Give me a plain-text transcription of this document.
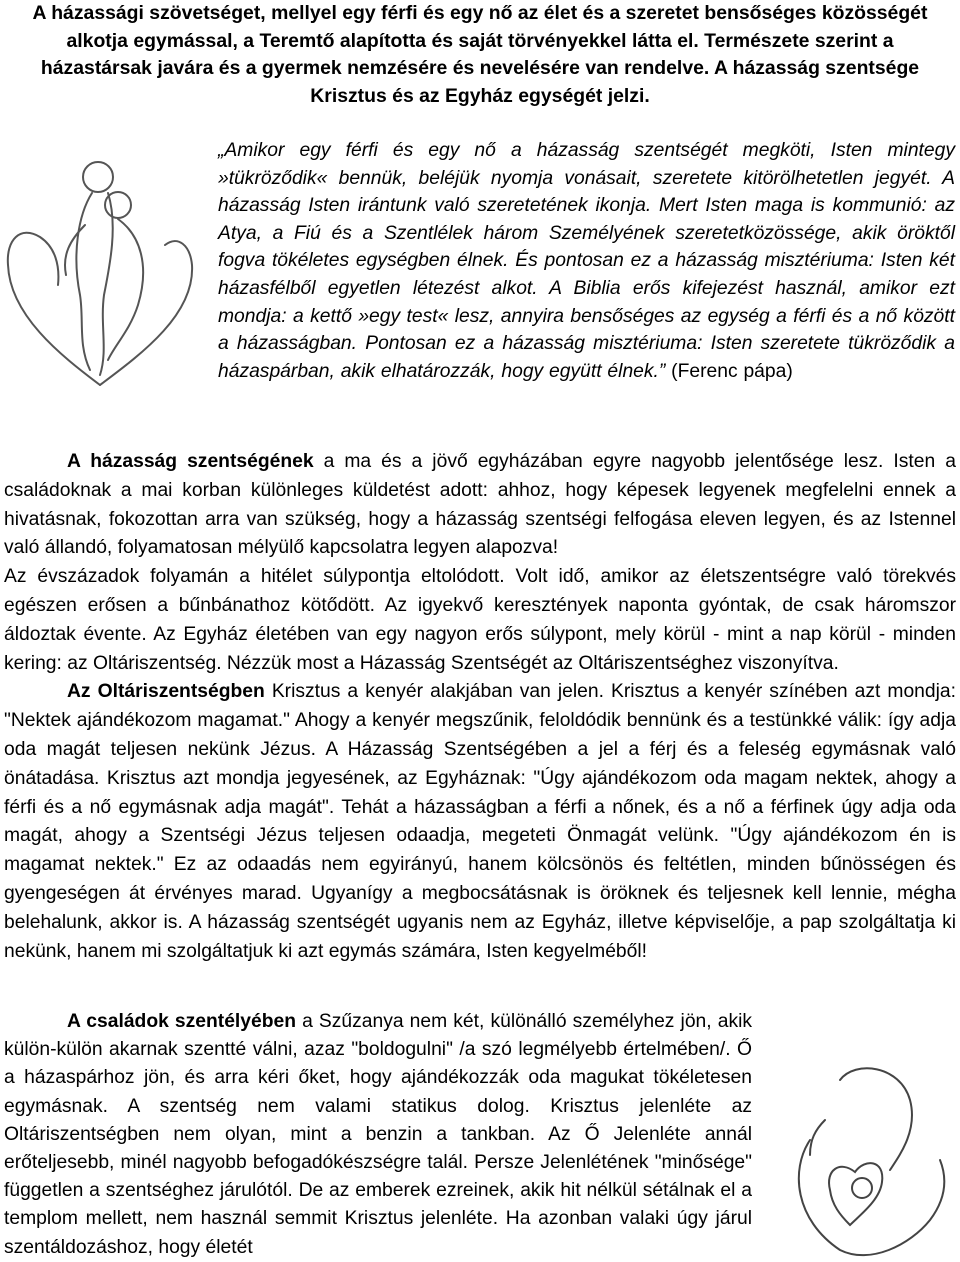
A házassági szövetséget, mellyel egy férfi és egy nő az élet és a szeretet bensőséges közösségét alkotja egymással, a Teremtő alapította és saját törvényekkel látta el. Természete szerint a házastársak javára és a gyermek nemzésére és nevelésére van rendelve. A házasság szentsége Krisztus és az Egyház egységét jelzi.
„Amikor egy férfi és egy nő a házasság szentségét megköti, Isten mintegy »tükröződik« bennük, beléjük nyomja vonásait, szeretete kitörölhetetlen jegyét. A házasság Isten irántunk való szeretetének ikonja. Mert Isten maga is kommunió: az Atya, a Fiú és a Szentlélek három Személyének szeretetközössége, akik öröktől fogva tökéletes egységben élnek. És pontosan ez a házasság misztériuma: Isten két házasfélből egyetlen létezést alkot. A Biblia erős kifejezést használ, amikor ezt mondja: a kettő »egy test« lesz, annyira bensőséges az egység a férfi és a nő között a házasságban. Pontosan ez a házasság misztériuma: Isten szeretete tükröződik a házaspárban, akik elhatározzák, hogy együtt élnek.” (Ferenc pápa)

A házasság szentségének a ma és a jövő egyházában egyre nagyobb jelentősége lesz. Isten a családoknak a mai korban különleges küldetést adott: ahhoz, hogy képesek legyenek megfelelni ennek a hivatásnak, fokozottan arra van szükség, hogy a házasság szentségi felfogása eleven legyen, és az Istennel való állandó, folyamatosan mélyülő kapcsolatra legyen alapozva!

Az évszázadok folyamán a hitélet súlypontja eltolódott. Volt idő, amikor az életszentségre való törekvés egészen erősen a bűnbánathoz kötődött. Az igyekvő keresztények naponta gyóntak, de csak háromszor áldoztak évente. Az Egyház életében van egy nagyon erős súlypont, mely körül - mint a nap körül - minden kering: az Oltáriszentség. Nézzük most a Házasság Szentségét az Oltáriszentséghez viszonyítva.

Az Oltáriszentségben Krisztus a kenyér alakjában van jelen. Krisztus a kenyér színében azt mondja: "Nektek ajándékozom magamat." Ahogy a kenyér megszűnik, feloldódik bennünk és a testünkké válik: így adja oda magát teljesen nekünk Jézus. A Házasság Szentségében a jel a férj és a feleség egymásnak való önátadása. Krisztus azt mondja jegyesének, az Egyháznak: "Úgy ajándékozom oda magam nektek, ahogy a férfi és a nő egymásnak adja magát". Tehát a házasságban a férfi a nőnek, és a nő a férfinek úgy adja oda magát, ahogy a Szentségi Jézus teljesen odaadja, megeteti Önmagát velünk. "Úgy ajándékozom én is magamat nektek." Ez az odaadás nem egyirányú, hanem kölcsönös és feltétlen, minden bűnösségen és gyengeségen át érvényes marad. Ugyanígy a megbocsátásnak is öröknek és teljesnek kell lennie, mégha belehalunk, akkor is. A házasság szentségét ugyanis nem az Egyház, illetve képviselője, a pap szolgáltatja ki nekünk, hanem mi szolgáltatjuk ki azt egymás számára, Isten kegyelméből!

A családok szentélyében a Szűzanya nem két, különálló személyhez jön, akik külön-külön akarnak szentté válni, azaz "boldogulni" /a szó legmélyebb értelmében/. Ő a házaspárhoz jön, és arra kéri őket, hogy ajándékozzák oda magukat tökéletesen egymásnak. A szentség nem valami statikus dolog. Krisztus jelenléte az Oltáriszentségben nem olyan, mint a benzin a tankban. Az Ő Jelenléte annál erőteljesebb, minél nagyobb befogadókészségre talál. Persze Jelenlétének "minősége" független a szentséghez járulótól. De az emberek ezreinek, akik hit nélkül sétálnak el a templom mellett, nem használ semmit Krisztus jelenléte. Ha azonban valaki úgy járul szentáldozáshoz, hogy életét
